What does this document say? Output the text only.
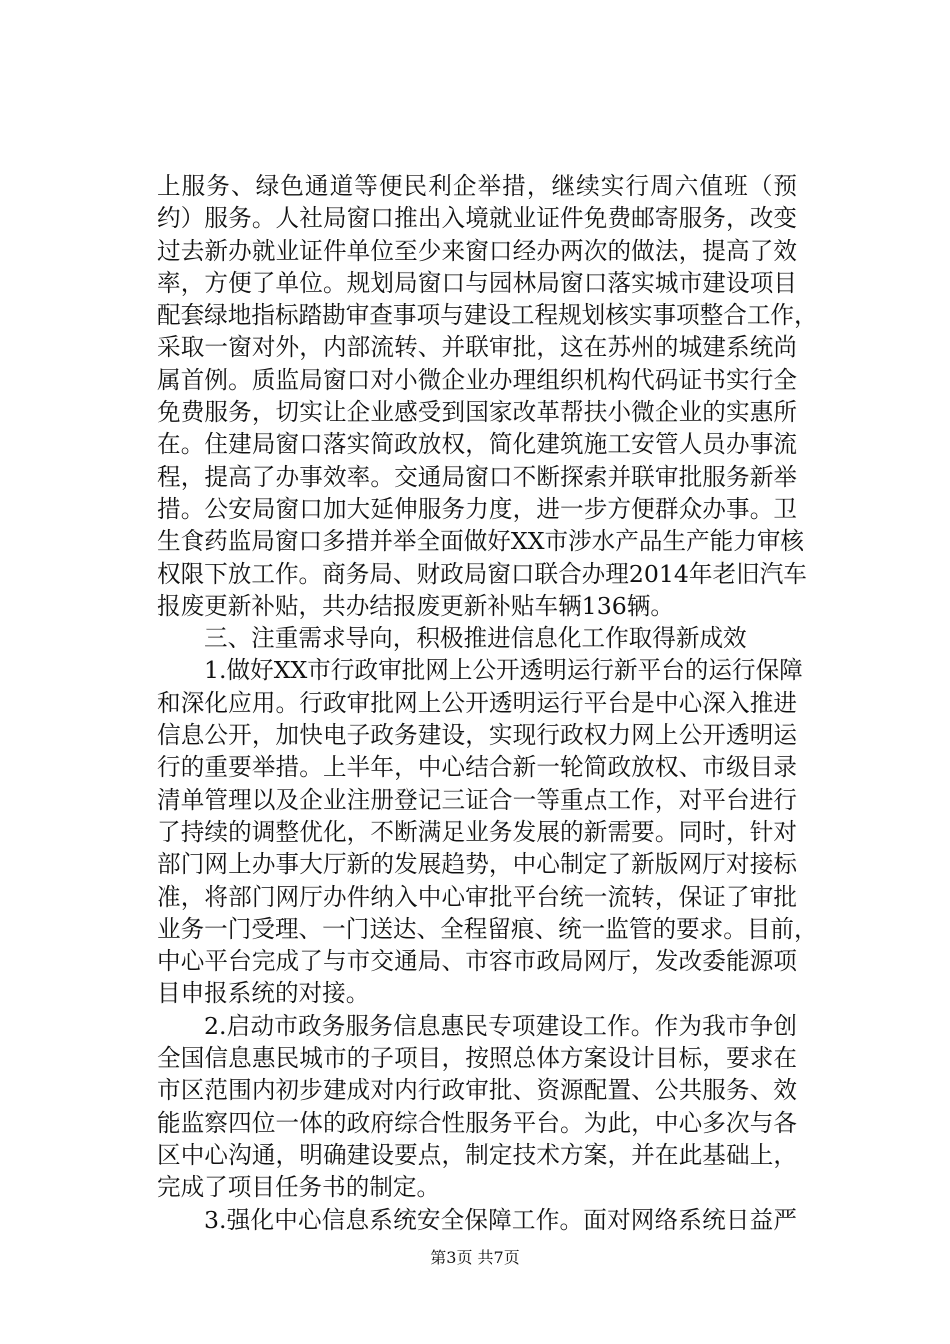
上服务、绿色通道等便民利企举措，继续实行周六值班（预
约）服务。人社局窗口推出入境就业证件免费邮寄服务，改变
过去新办就业证件单位至少来窗口经办两次的做法，提高了效
率，方便了单位。规划局窗口与园林局窗口落实城市建设项目
配套绿地指标踏勘审查事项与建设工程规划核实事项整合工作，
采取一窗对外，内部流转、并联审批，这在苏州的城建系统尚
属首例。质监局窗口对小微企业办理组织机构代码证书实行全
免费服务，切实让企业感受到国家改革帮扶小微企业的实惠所
在。住建局窗口落实简政放权，简化建筑施工安管人员办事流
程，提高了办事效率。交通局窗口不断探索并联审批服务新举
措。公安局窗口加大延伸服务力度，进一步方便群众办事。卫
生食药监局窗口多措并举全面做好XX市涉水产品生产能力审核
权限下放工作。商务局、财政局窗口联合办理2014年老旧汽车
报废更新补贴，共办结报废更新补贴车辆136辆。
三、注重需求导向，积极推进信息化工作取得新成效
1.做好XX市行政审批网上公开透明运行新平台的运行保障
和深化应用。行政审批网上公开透明运行平台是中心深入推进
信息公开，加快电子政务建设，实现行政权力网上公开透明运
行的重要举措。上半年，中心结合新一轮简政放权、市级目录
清单管理以及企业注册登记三证合一等重点工作，对平台进行
了持续的调整优化，不断满足业务发展的新需要。同时，针对
部门网上办事大厅新的发展趋势，中心制定了新版网厅对接标
准，将部门网厅办件纳入中心审批平台统一流转，保证了审批
业务一门受理、一门送达、全程留痕、统一监管的要求。目前，
中心平台完成了与市交通局、市容市政局网厅，发改委能源项
目申报系统的对接。
2.启动市政务服务信息惠民专项建设工作。作为我市争创
全国信息惠民城市的子项目，按照总体方案设计目标，要求在
市区范围内初步建成对内行政审批、资源配置、公共服务、效
能监察四位一体的政府综合性服务平台。为此，中心多次与各
区中心沟通，明确建设要点，制定技术方案，并在此基础上，
完成了项目任务书的制定。
3.强化中心信息系统安全保障工作。面对网络系统日益严
第3页 共7页
